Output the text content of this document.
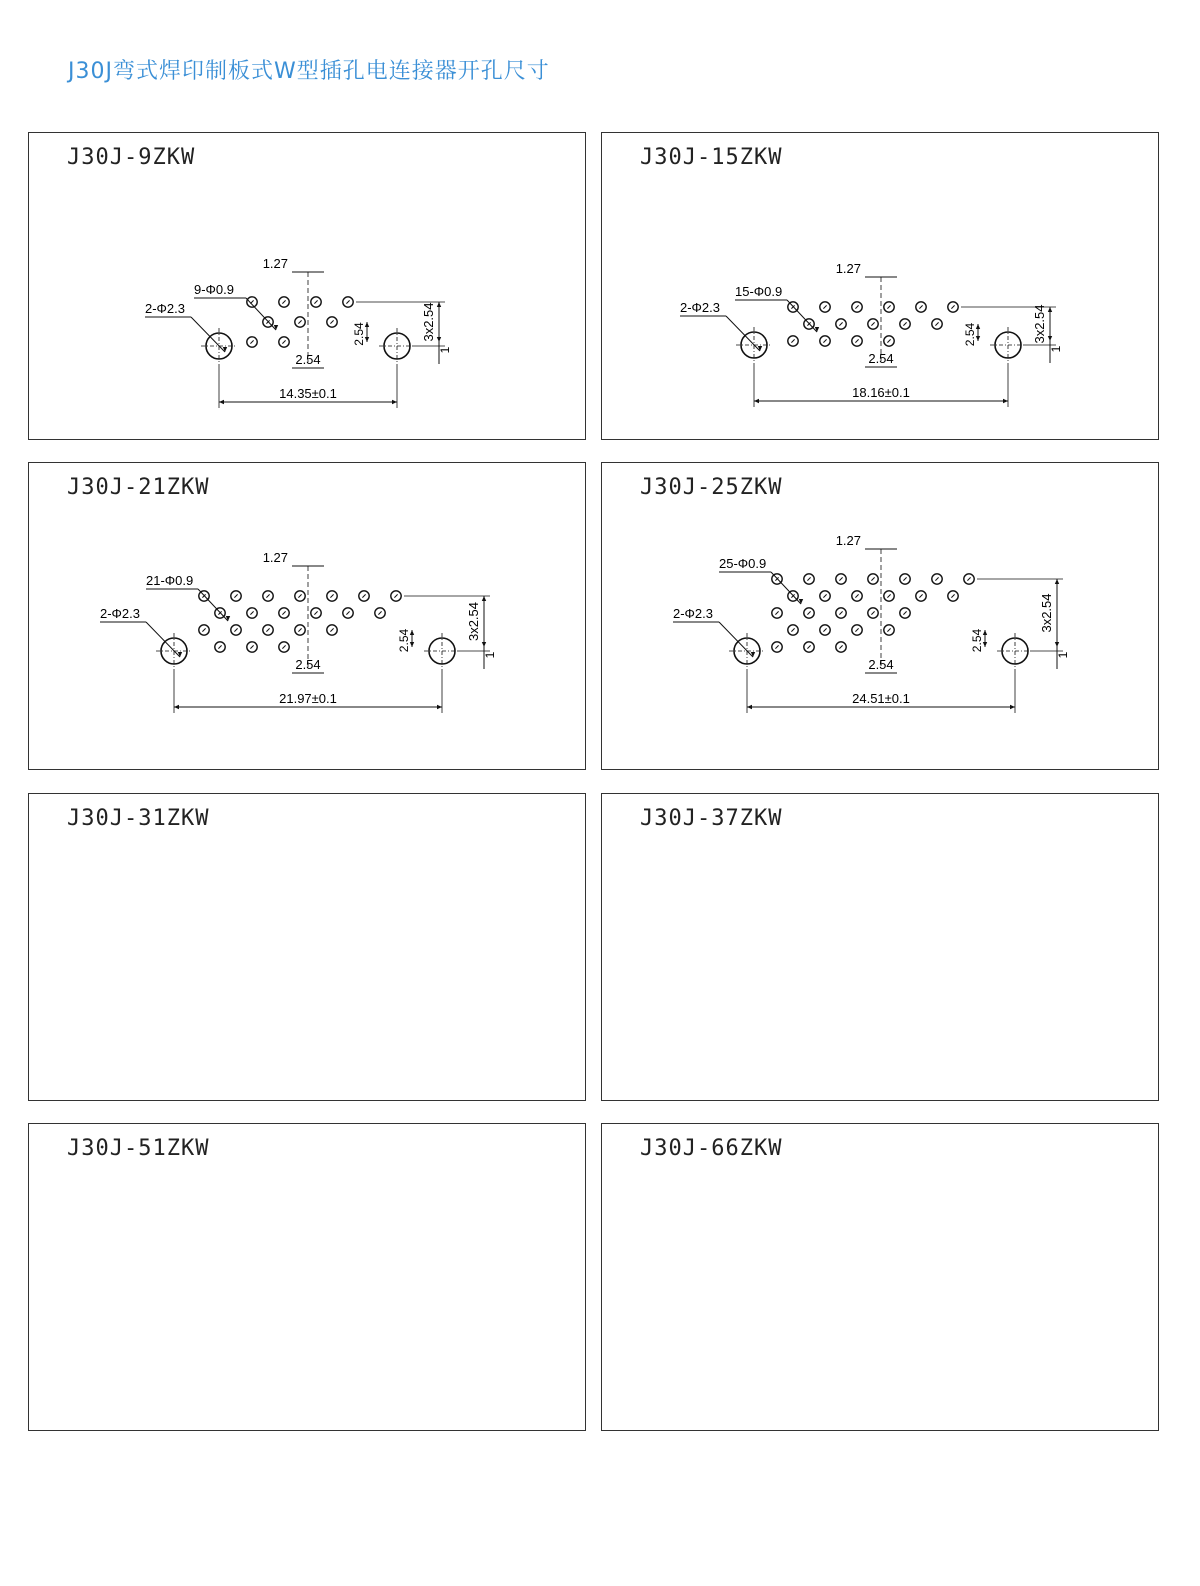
J30J弯式焊印制板式W型插孔电连接器开孔尺寸
J30J-9ZKW
14.35±0.1
2-Φ2.3
9-Φ0.9
3x2.54
1
2.54
1.27
2.54
J30J-15ZKW
18.16±0.1
2-Φ2.3
15-Φ0.9
3x2.54
1
2.54
1.27
2.54
J30J-21ZKW
21.97±0.1
2-Φ2.3
21-Φ0.9
3x2.54
1
2.54
1.27
2.54
J30J-25ZKW
24.51±0.1
2-Φ2.3
25-Φ0.9
3x2.54
1
2.54
1.27
2.54
J30J-31ZKW	J30J-37ZKW
J30J-51ZKW	J30J-66ZKW
